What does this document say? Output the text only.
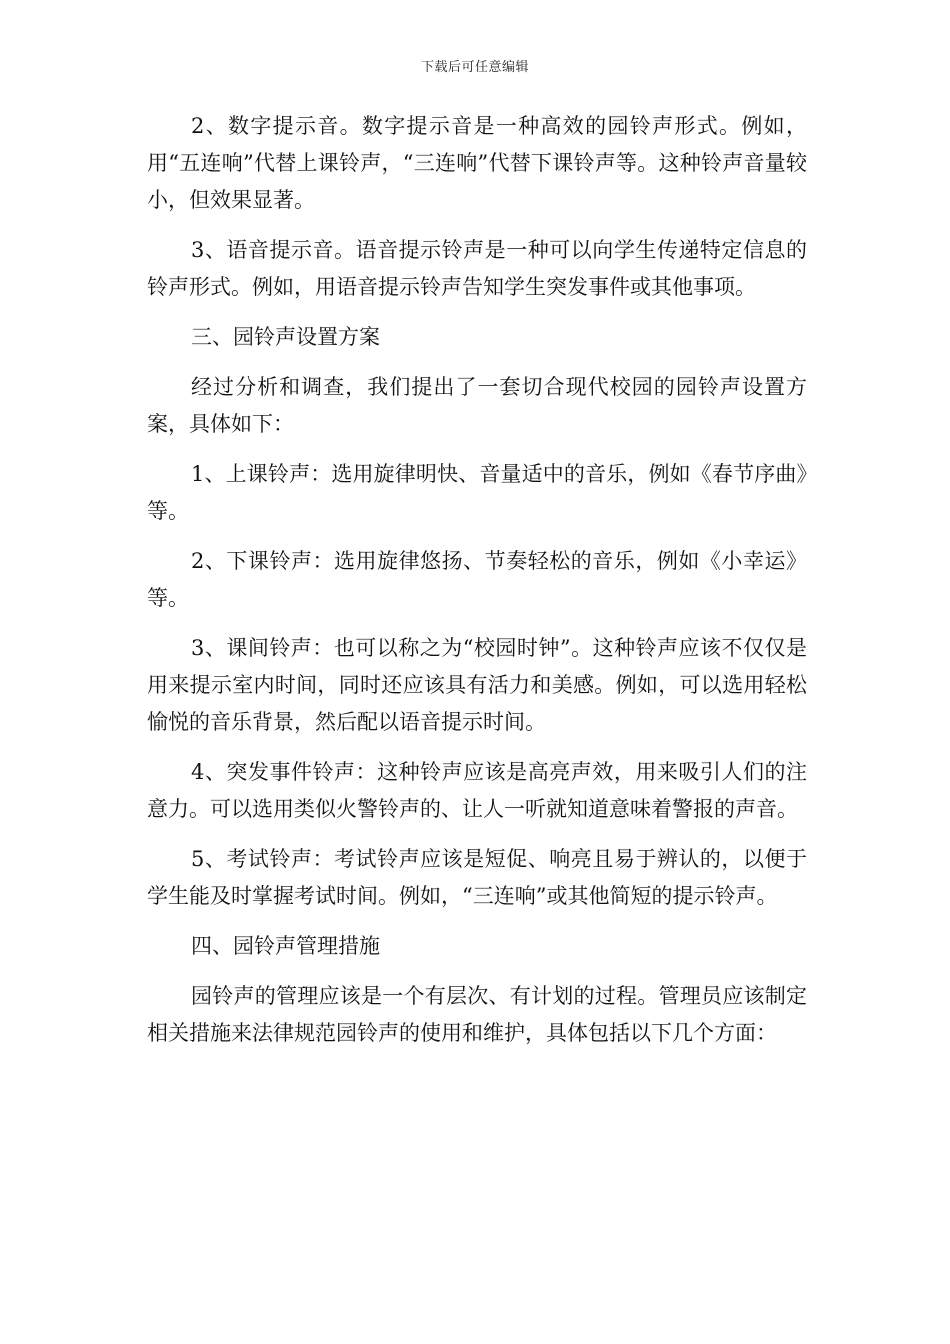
下载后可任意编辑

2、数字提示音。数字提示音是一种高效的园铃声形式。例如，用“五连响”代替上课铃声，“三连响”代替下课铃声等。这种铃声音量较小，但效果显著。

3、语音提示音。语音提示铃声是一种可以向学生传递特定信息的铃声形式。例如，用语音提示铃声告知学生突发事件或其他事项。

三、园铃声设置方案

经过分析和调查，我们提出了一套切合现代校园的园铃声设置方案，具体如下：

1、上课铃声：选用旋律明快、音量适中的音乐，例如《春节序曲》等。

2、下课铃声：选用旋律悠扬、节奏轻松的音乐，例如《小幸运》等。

3、课间铃声：也可以称之为“校园时钟”。这种铃声应该不仅仅是用来提示室内时间，同时还应该具有活力和美感。例如，可以选用轻松愉悦的音乐背景，然后配以语音提示时间。

4、突发事件铃声：这种铃声应该是高亮声效，用来吸引人们的注意力。可以选用类似火警铃声的、让人一听就知道意味着警报的声音。

5、考试铃声：考试铃声应该是短促、响亮且易于辨认的，以便于学生能及时掌握考试时间。例如，“三连响”或其他简短的提示铃声。

四、园铃声管理措施

园铃声的管理应该是一个有层次、有计划的过程。管理员应该制定相关措施来法律规范园铃声的使用和维护，具体包括以下几个方面：
